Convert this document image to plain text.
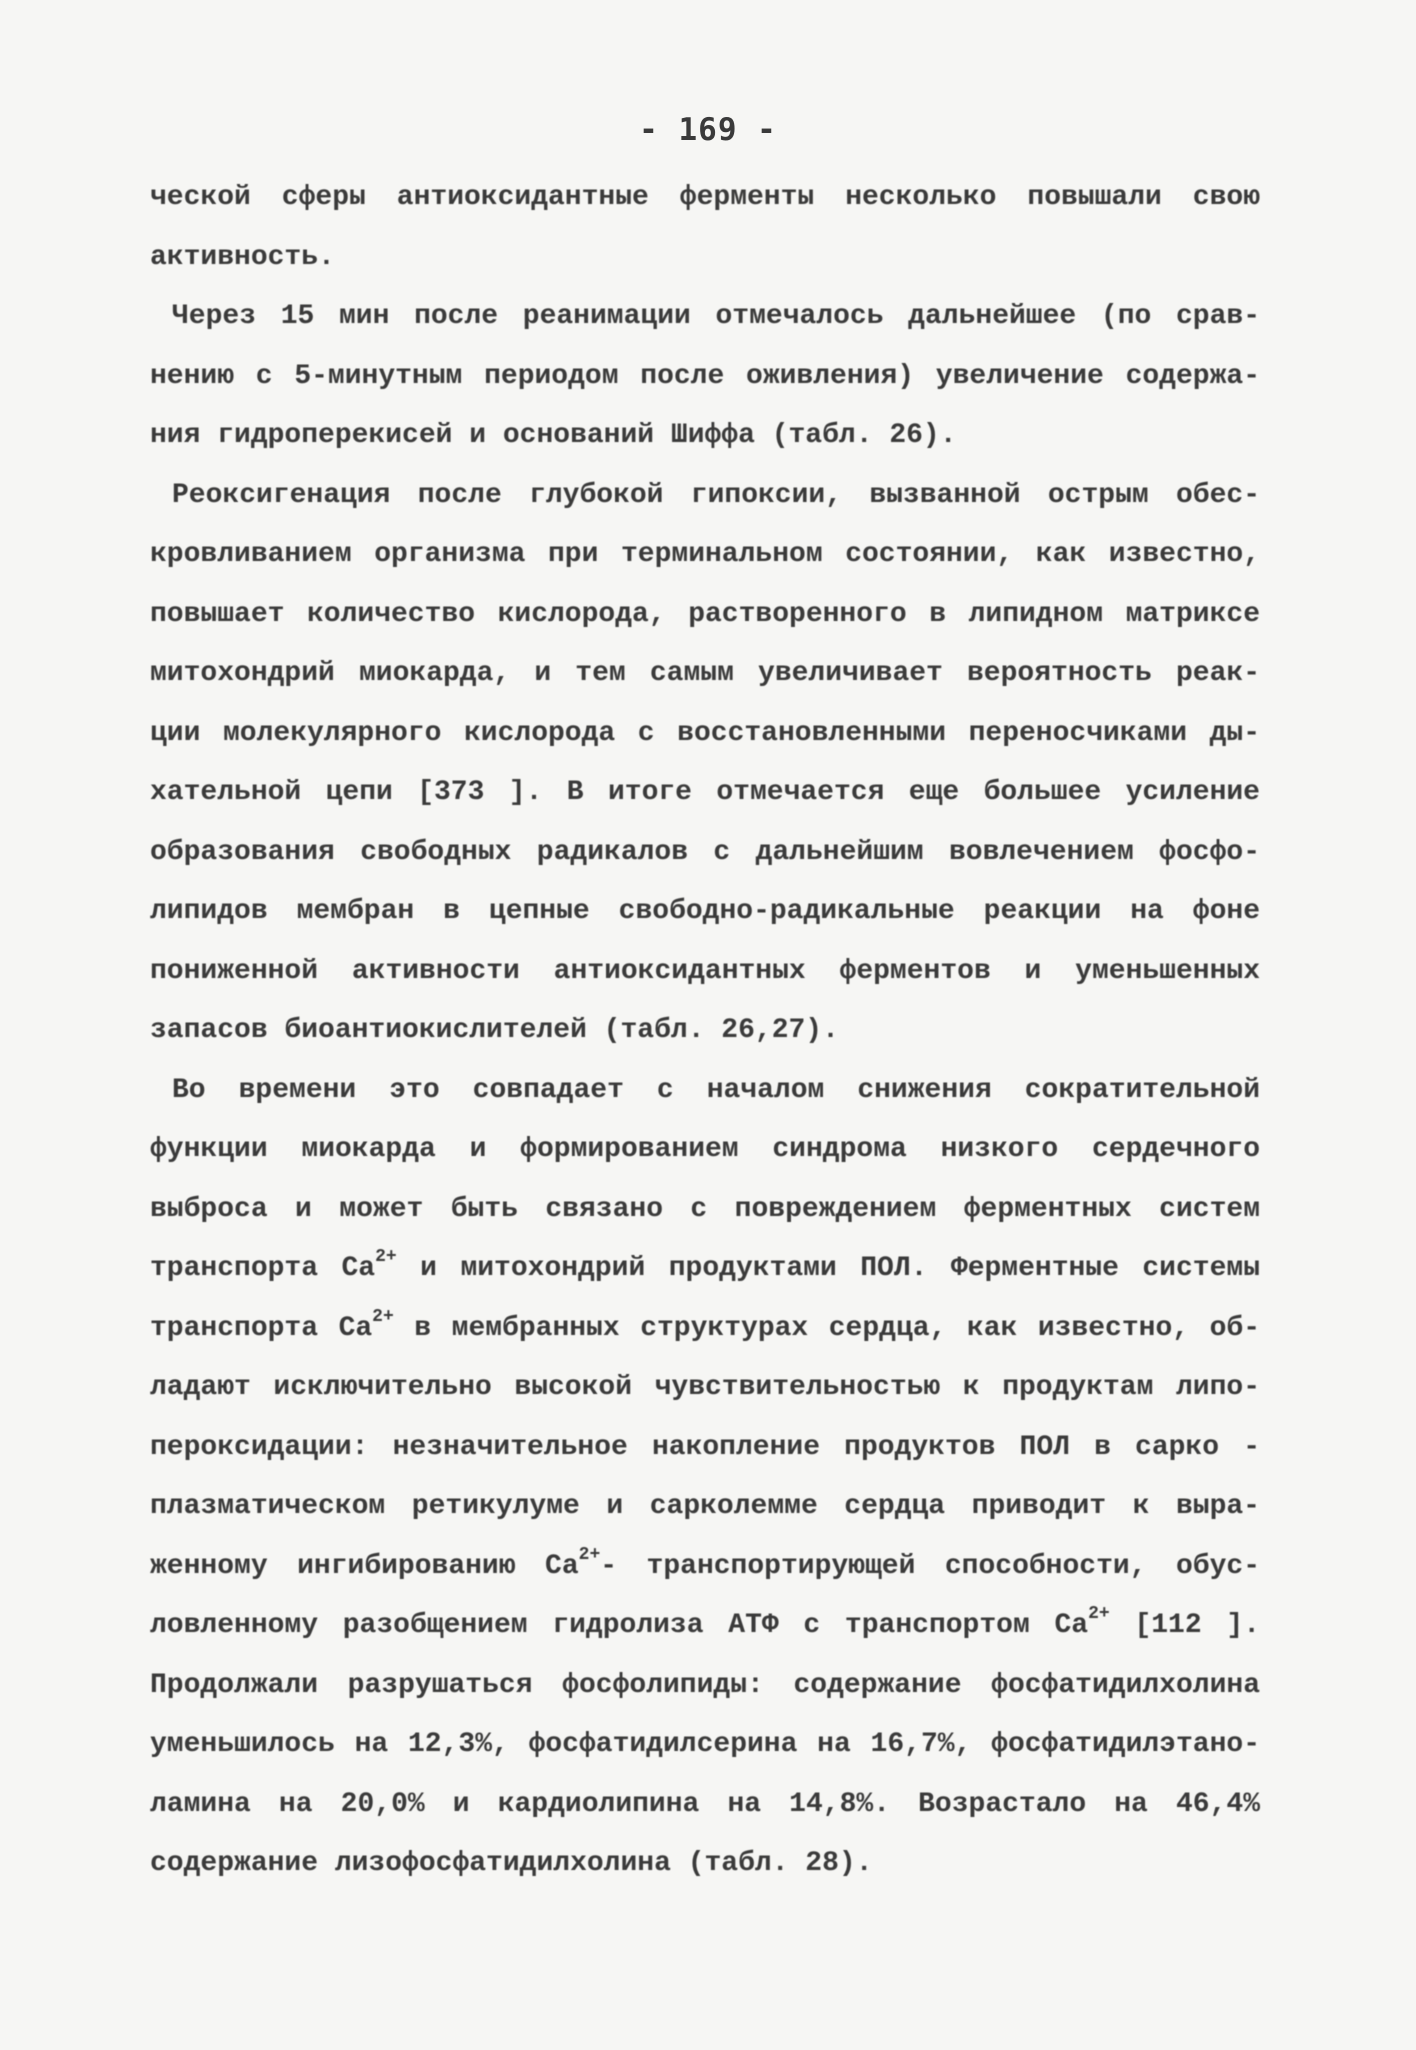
- 169 -
ческой сферы антиоксидантные ферменты несколько повышали свою
активность.
Через 15 мин после реанимации отмечалось дальнейшее (по срав-
нению с 5-минутным периодом после оживления) увеличение содержа-
ния гидроперекисей и оснований Шиффа (табл. 26).
Реоксигенация после глубокой гипоксии, вызванной острым обес-
кровливанием организма при терминальном состоянии, как известно,
повышает количество кислорода, растворенного в липидном матриксе
митохондрий миокарда, и тем самым увеличивает вероятность реак-
ции молекулярного кислорода с восстановленными переносчиками ды-
хательной цепи [373 ]. В итоге отмечается еще большее усиление
образования свободных радикалов с дальнейшим вовлечением фосфо-
липидов мембран в цепные свободно-радикальные реакции на фоне
пониженной активности антиоксидантных ферментов и уменьшенных
запасов биоантиокислителей (табл. 26,27).
Во времени это совпадает с началом снижения сократительной
функции миокарда и формированием синдрома низкого сердечного
выброса и может быть связано с повреждением ферментных систем
транспорта $Ca^{2+}$ и митохондрий продуктами ПОЛ. Ферментные системы
транспорта $Ca^{2+}$ в мембранных структурах сердца, как известно, об-
ладают исключительно высокой чувствительностью к продуктам липо-
пероксидации: незначительное накопление продуктов ПОЛ в сарко -
плазматическом ретикулуме и сарколемме сердца приводит к выра-
женному ингибированию $Ca^{2+}-$ транспортирующей способности, обус-
ловленному разобщением гидролиза АТФ с транспортом $Ca^{2+}$ [112 ].
Продолжали разрушаться фосфолипиды: содержание фосфатидилхолина
уменьшилось на 12,3%, фосфатидилсерина на 16,7%, фосфатидилэтано-
ламина на 20,0% и кардиолипина на 14,8%. Возрастало на 46,4%
содержание лизофосфатидилхолина (табл. 28).
